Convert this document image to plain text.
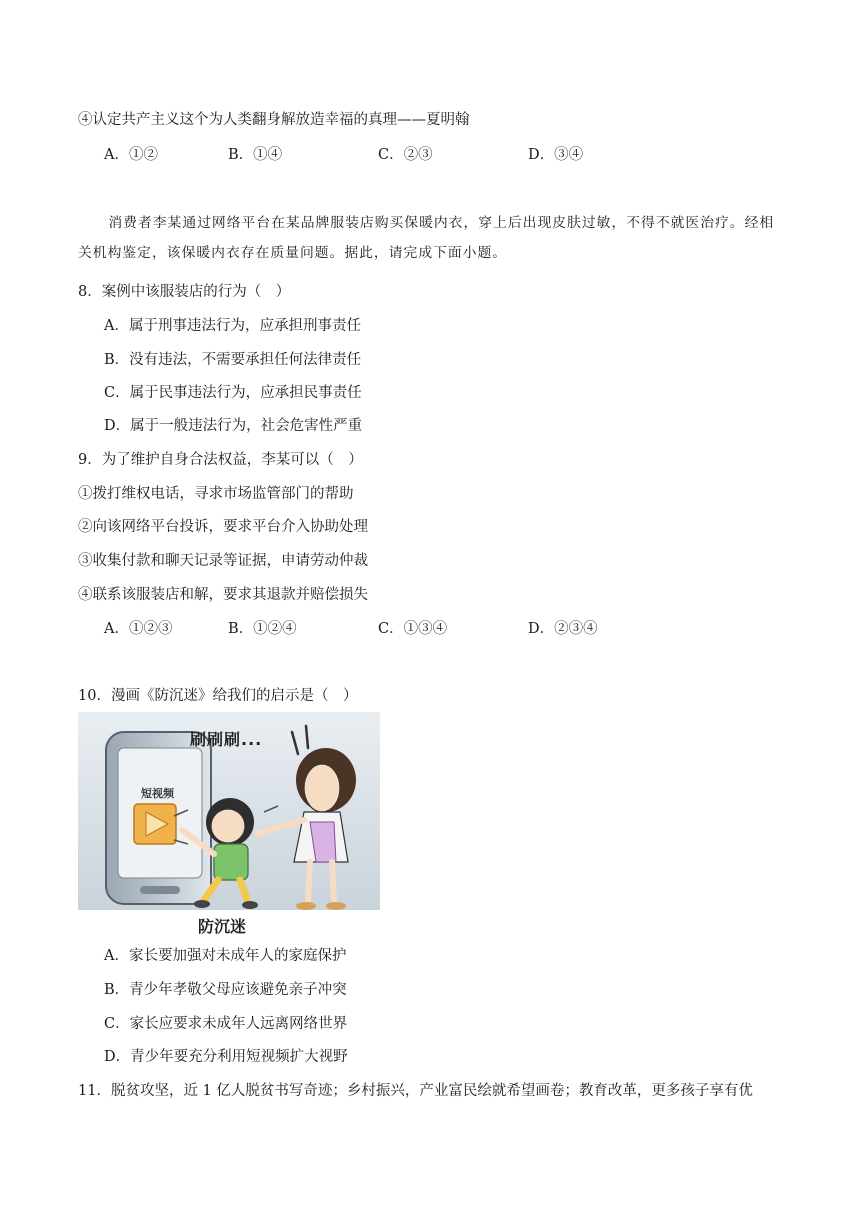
④认定共产主义这个为人类翻身解放造幸福的真理——夏明翰
A．①②	B．①④	C．②③	D．③④
消费者李某通过网络平台在某品牌服装店购买保暖内衣，穿上后出现皮肤过敏，不得不就医治疗。经相关机构鉴定，该保暖内衣存在质量问题。据此，请完成下面小题。
8．案例中该服装店的行为（　）
A．属于刑事违法行为，应承担刑事责任
B．没有违法，不需要承担任何法律责任
C．属于民事违法行为，应承担民事责任
D．属于一般违法行为，社会危害性严重
9．为了维护自身合法权益，李某可以（　）
①拨打维权电话，寻求市场监管部门的帮助
②向该网络平台投诉，要求平台介入协助处理
③收集付款和聊天记录等证据，申请劳动仲裁
④联系该服装店和解，要求其退款并赔偿损失
A．①②③	B．①②④	C．①③④	D．②③④
10．漫画《防沉迷》给我们的启示是（　）
刷刷刷...
短视频
防沉迷
A．家长要加强对未成年人的家庭保护
B．青少年孝敬父母应该避免亲子冲突
C．家长应要求未成年人远离网络世界
D．青少年要充分利用短视频扩大视野
11．脱贫攻坚，近 1 亿人脱贫书写奇迹；乡村振兴，产业富民绘就希望画卷；教育改革，更多孩子享有优
